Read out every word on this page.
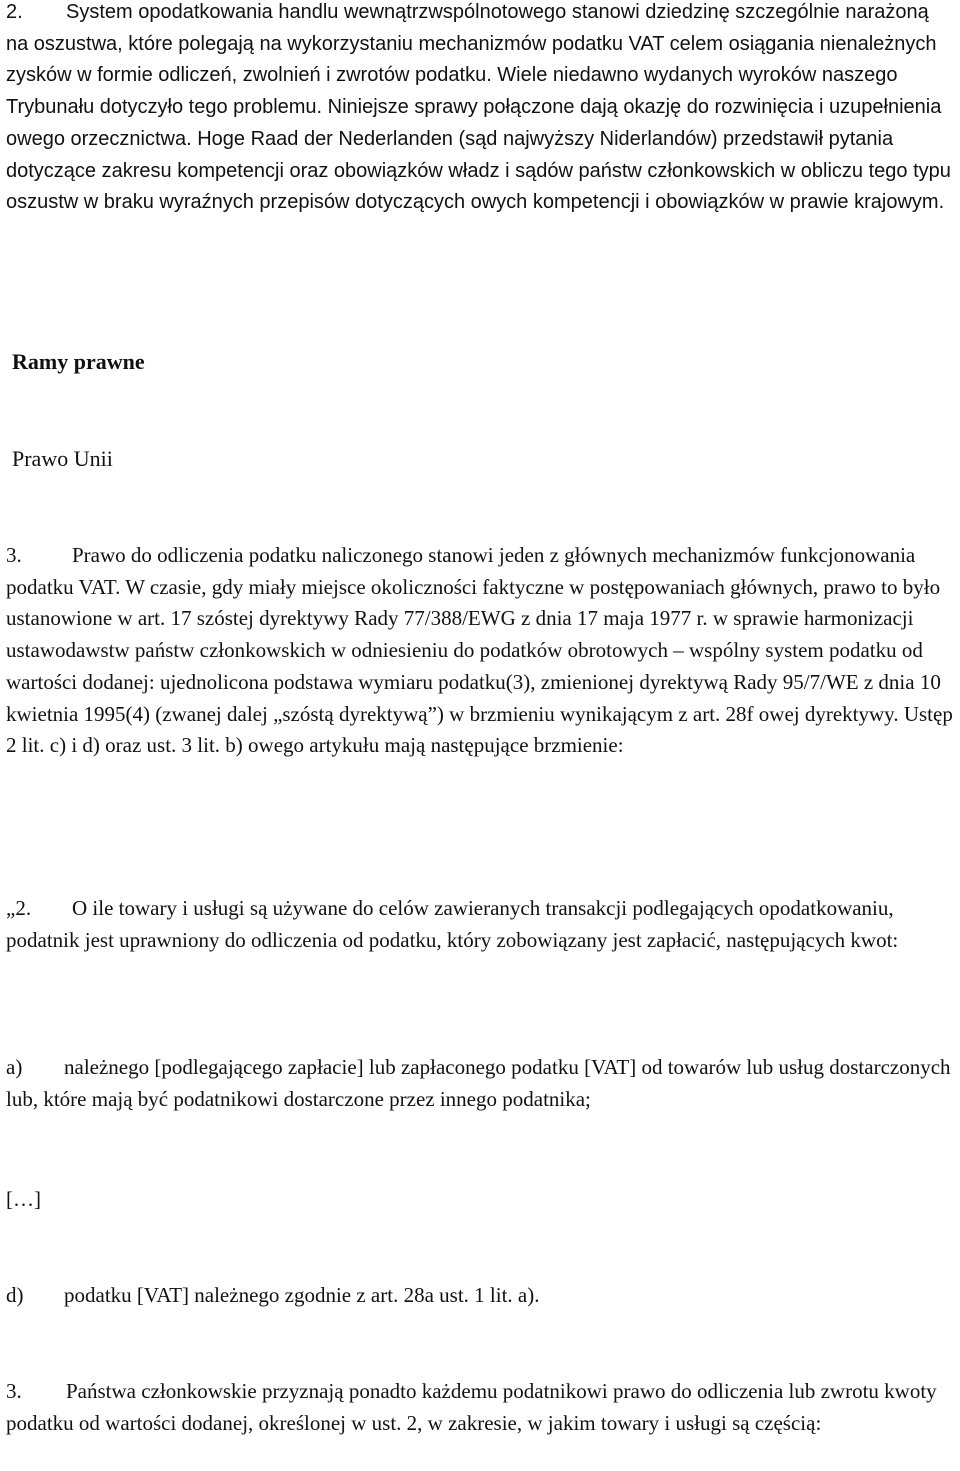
2. System opodatkowania handlu wewnątrzwspólnotowego stanowi dziedzinę szczególnie narażoną na oszustwa, które polegają na wykorzystaniu mechanizmów podatku VAT celem osiągania nienależnych zysków w formie odliczeń, zwolnień i zwrotów podatku. Wiele niedawno wydanych wyroków naszego Trybunału dotyczyło tego problemu. Niniejsze sprawy połączone dają okazję do rozwinięcia i uzupełnienia owego orzecznictwa. Hoge Raad der Nederlanden (sąd najwyższy Niderlandów) przedstawił pytania dotyczące zakresu kompetencji oraz obowiązków władz i sądów państw członkowskich w obliczu tego typu oszustw w braku wyraźnych przepisów dotyczących owych kompetencji i obowiązków w prawie krajowym.

Ramy prawne

Prawo Unii

3. Prawo do odliczenia podatku naliczonego stanowi jeden z głównych mechanizmów funkcjonowania podatku VAT. W czasie, gdy miały miejsce okoliczności faktyczne w postępowaniach głównych, prawo to było ustanowione w art. 17 szóstej dyrektywy Rady 77/388/EWG z dnia 17 maja 1977 r. w sprawie harmonizacji ustawodawstw państw członkowskich w odniesieniu do podatków obrotowych – wspólny system podatku od wartości dodanej: ujednolicona podstawa wymiaru podatku(3), zmienionej dyrektywą Rady 95/7/WE z dnia 10 kwietnia 1995(4) (zwanej dalej „szóstą dyrektywą”) w brzmieniu wynikającym z art. 28f owej dyrektywy. Ustęp 2 lit. c) i d) oraz ust. 3 lit. b) owego artykułu mają następujące brzmienie:

„2. O ile towary i usługi są używane do celów zawieranych transakcji podlegających opodatkowaniu, podatnik jest uprawniony do odliczenia od podatku, który zobowiązany jest zapłacić, następujących kwot:

a) należnego [podlegającego zapłacie] lub zapłaconego podatku [VAT] od towarów lub usług dostarczonych lub, które mają być podatnikowi dostarczone przez innego podatnika;

[…]

d) podatku [VAT] należnego zgodnie z art. 28a ust. 1 lit. a).

3. Państwa członkowskie przyznają ponadto każdemu podatnikowi prawo do odliczenia lub zwrotu kwoty podatku od wartości dodanej, określonej w ust. 2, w zakresie, w jakim towary i usługi są częścią:
